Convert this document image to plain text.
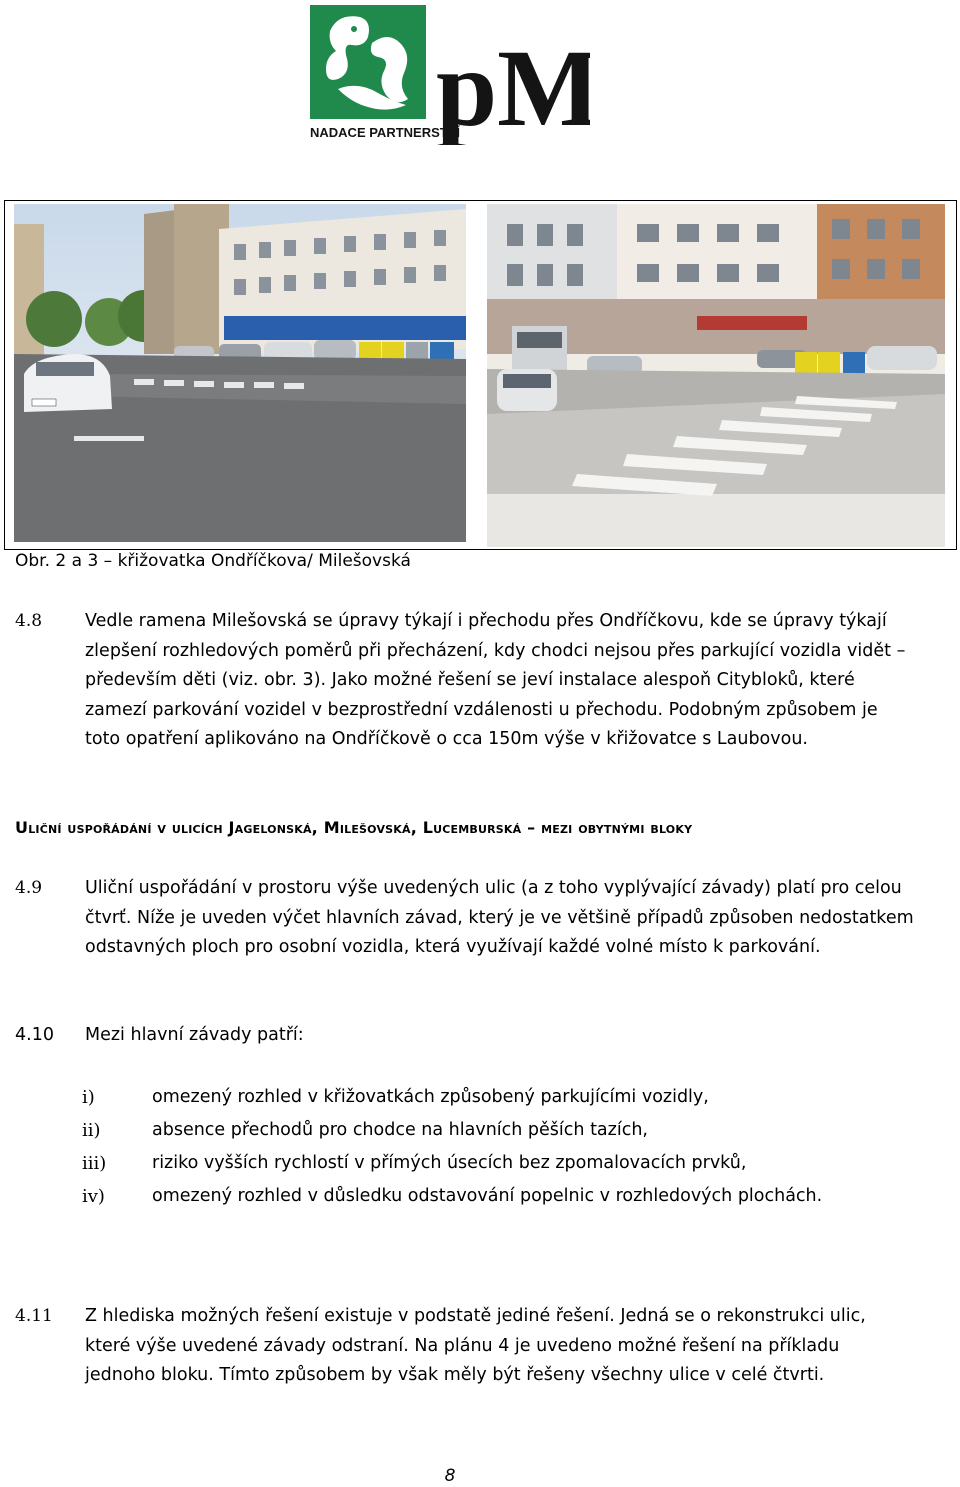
NADACE PARTNERSTVÍ
pM
Obr. 2 a 3 – křižovatka Ondříčkova/ Milešovská
4.8	Vedle ramena Milešovská se úpravy týkají i přechodu přes Ondříčkovu, kde se úpravy týkají zlepšení rozhledových poměrů při přecházení, kdy chodci nejsou přes parkující vozidla vidět – především děti (viz. obr. 3). Jako možné řešení se jeví instalace alespoň Citybloků, které zamezí parkování vozidel v bezprostřední vzdálenosti u přechodu. Podobným způsobem je toto opatření aplikováno na Ondříčkově o cca 150m výše v křižovatce s Laubovou.
Uliční uspořádání v ulicích Jagelonská, Milešovská, Lucemburská – mezi obytnými bloky
4.9	Uliční uspořádání v prostoru výše uvedených ulic (a z toho vyplývající závady) platí pro celou čtvrť. Níže je uveden výčet hlavních závad, který je ve většině případů způsoben nedostatkem odstavných ploch pro osobní vozidla, která využívají každé volné místo k parkování.
4.10	Mezi hlavní závady patří:
i)	omezený rozhled v křižovatkách způsobený parkujícími vozidly,
ii)	absence přechodů pro chodce na hlavních pěších tazích,
iii)	riziko vyšších rychlostí v přímých úsecích bez zpomalovacích prvků,
iv)	omezený rozhled v důsledku odstavování popelnic v rozhledových plochách.
4.11	Z hlediska možných řešení existuje v podstatě jediné řešení. Jedná se o rekonstrukci ulic, které výše uvedené závady odstraní. Na plánu 4 je uvedeno možné řešení na příkladu jednoho bloku. Tímto způsobem by však měly být řešeny všechny ulice v celé čtvrti.
8
